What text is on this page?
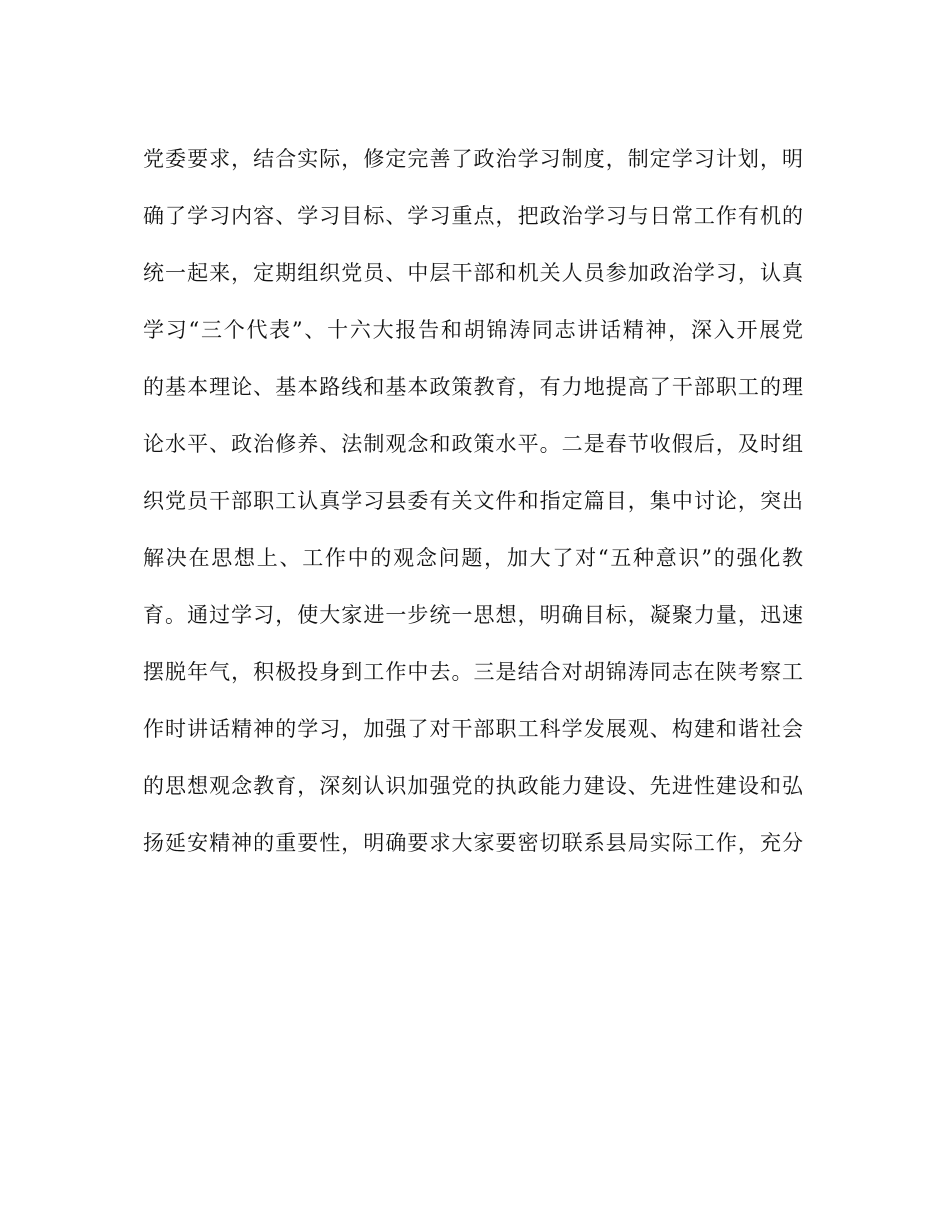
党委要求，结合实际，修定完善了政治学习制度，制定学习计划，明
确了学习内容、学习目标、学习重点，把政治学习与日常工作有机的
统一起来，定期组织党员、中层干部和机关人员参加政治学习，认真
学习“三个代表”、十六大报告和胡锦涛同志讲话精神，深入开展党
的基本理论、基本路线和基本政策教育，有力地提高了干部职工的理
论水平、政治修养、法制观念和政策水平。二是春节收假后，及时组
织党员干部职工认真学习县委有关文件和指定篇目，集中讨论，突出
解决在思想上、工作中的观念问题，加大了对“五种意识”的强化教
育。通过学习，使大家进一步统一思想，明确目标，凝聚力量，迅速
摆脱年气，积极投身到工作中去。三是结合对胡锦涛同志在陕考察工
作时讲话精神的学习，加强了对干部职工科学发展观、构建和谐社会
的思想观念教育，深刻认识加强党的执政能力建设、先进性建设和弘
扬延安精神的重要性，明确要求大家要密切联系县局实际工作，充分
